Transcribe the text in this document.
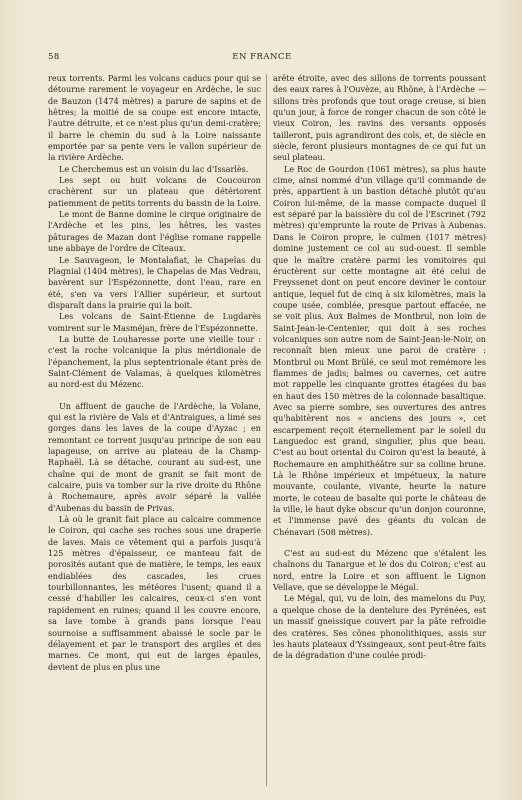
58	EN FRANCE

reux torrents. Parmi les volcans caducs pour qui se détourne rarement le voyageur en Ardèche, le suc de Bauzon (1474 mètres) a parure de sapins et de hêtres; la moitié de sa coupe est encore intacte, l'autre détruite, et ce n'est plus qu'un demi-cratère; il barre le chemin du sud à la Loire naissante emportée par sa pente vers le vallon supérieur de la rivière Ardèche.

Le Cherchemus est un voisin du lac d'Issarlès.

Les sept ou huit volcans de Coucouron crachèrent sur un plateau que détériorent patiemment de petits torrents du bassin de la Loire.

Le mont de Banne domine le cirque originaire de l'Ardèche et les pins, les hêtres, les vastes pâturages de Mazan dont l'église romane rappelle une abbaye de l'ordre de Cîteaux.

Le Sauvageon, le Montalafiat, le Chapelas du Plagnial (1404 mètres), le Chapelas de Mas Vedrau, bavèrent sur l'Espézonnette, dont l'eau, rare en été, s'en va vers l'Allier supérieur, et surtout disparaît dans la prairie qui la boit.

Les volcans de Saint-Étienne de Lugdarès vomirent sur le Masméjan, frère de l'Espézonnette.

La butte de Louharesse porte une vieille tour : c'est la roche volcanique la plus méridionale de l'épanchement, la plus septentrionale étant près de Saint-Clément de Valamas, à quelques kilomètres au nord-est du Mézenc.

Un affluent de gauche de l'Ardèche, la Volane, qui est la rivière de Vals et d'Antraigues, a limé ses gorges dans les laves de la coupe d'Ayzac ; en remontant ce torrent jusqu'au principe de son eau lapageuse, on arrive au plateau de la Champ-Raphaël. Là se détache, courant au sud-est, une chaîne qui de mont de granit se fait mont de calcaire, puis va tomber sur la rive droite du Rhône à Rochemaure, après avoir séparé la vallée d'Aubenas du bassin de Privas.

Là où le granit fait place au calcaire commence le Coiron, qui cache ses roches sous une draperie de laves. Mais ce vêtement qui a parfois jusqu'à 125 mètres d'épaisseur, ce manteau fait de porosités autant que de matière, le temps, les eaux endiablées des cascades, les crues tourbillonnantes, les météores l'usent; quand il a cessé d'habiller les calcaires, ceux-ci s'en vont rapidement en ruines; quand il les couvre encore, sa lave tombe à grands pans lorsque l'eau sournoise a suffisamment abaissé le socle par le délayement et par le transport des argiles et des marnes. Ce mont, qui eut de larges épaules, devient de plus en plus une

arête étroite, avec des sillons de torrents poussant des eaux rares à l'Ouvèze, au Rhône, à l'Ardèche — sillons très profonds que tout orage creuse, si bien qu'un jour, à force de ronger chacun de son côté le vieux Coiron, les ravins des versants opposés tailleront, puis agrandiront des cols, et, de siècle en siècle, feront plusieurs montagnes de ce qui fut un seul plateau.

Le Roc de Gourdon (1061 mètres), sa plus haute cime, ainsi nommé d'un village qu'il commande de près, appartient à un bastion détaché plutôt qu'au Coiron lui-même, de la masse compacte duquel il est séparé par la baissière du col de l'Escrinet (792 mètres) qu'emprunte la route de Privas à Aubenas. Dans le Coiron propre, le culmen (1017 mètres) domine justement ce col au sud-ouest. Il semble que le maître cratère parmi les vomitoires qui éructèrent sur cette montagne ait été celui de Freyssenet dont on peut encore deviner le contour antique, lequel fut de cinq à six kilomètres, mais la coupe usée, comblée, presque partout effacée, ne se voit plus. Aux Balmes de Montbrul, non loin de Saint-Jean-le-Centenier, qui doit à ses roches volcaniques son autre nom de Saint-Jean-le-Noir, on reconnaît bien mieux une paroi de cratère : Montbrul ou Mont Brûlé, ce seul mot remémore les flammes de jadis; balmes ou cavernes, cet autre mot rappelle les cinquante grottes étagées du bas en haut des 150 mètres de la colonnade basaltique. Avec sa pierre sombre, ses ouvertures des antres qu'habitèrent nos « anciens des jours », cet escarpement reçoit éternellement par le soleil du Languedoc est grand, singulier, plus que beau. C'est au bout oriental du Coiron qu'est la beauté, à Rochemaure en amphithéâtre sur sa colline brune. Là le Rhône impérieux et impétueux, la nature mouvante, coulante, vivante, heurte la nature morte, le coteau de basalte qui porte le château de la ville, le haut dyke obscur qu'un donjon couronne, et l'immense pavé des géants du volcan de Chénavari (508 mètres).

C'est au sud-est du Mézenc que s'étalent les chaînons du Tanargue et le dos du Coiron; c'est au nord, entre la Loire et son affluent le Lignon Vellave, que se développe le Mégal.

Le Mégal, qui, vu de loin, des mamelons du Puy, a quelque chose de la dentelure des Pyrénées, est un massif gneissique couvert par la pâte refroidie des cratères. Ses cônes phonolithiques, assis sur les hauts plateaux d'Yssingeaux, sont peut-être faits de la dégradation d'une coulée prodi-
